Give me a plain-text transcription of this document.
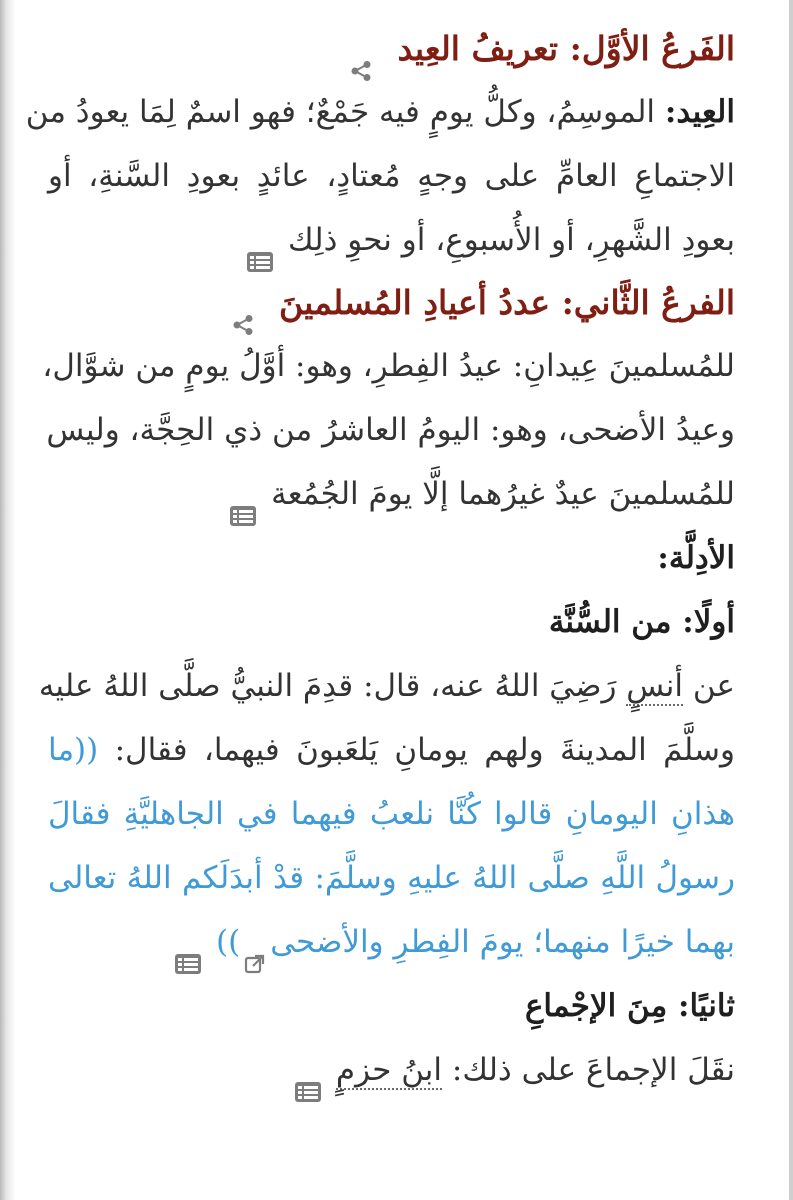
الفَرعُ الأوَّل: تعريفُ العِيد
العِيد: الموسِمُ، وكلُّ يومٍ فيه جَمْعٌ؛ فهو اسمٌ لِمَا يعودُ من
الاجتماعِ العامِّ على وجهٍ مُعتادٍ، عائدٍ بعودِ السَّنةِ، أو
بعودِ الشَّهرِ، أو الأُسبوعِ، أو نحوِ ذلِك
الفرعُ الثَّاني: عددُ أعيادِ المُسلمينَ
للمُسلمينَ عِيدانِ: عيدُ الفِطرِ، وهو: أوَّلُ يومٍ من شوَّال،
وعيدُ الأضحى، وهو: اليومُ العاشرُ من ذي الحِجَّة، وليس
للمُسلمينَ عيدٌ غيرُهما إلَّا يومَ الجُمُعة
الأدِلَّة:
أولًا: من السُّنَّة
عن أنسٍ رَضِيَ اللهُ عنه، قال: قدِمَ النبيُّ صلَّى اللهُ عليه
وسلَّمَ المدينةَ ولهم يومانِ يَلعَبونَ فيهما، فقال: ((ما
هذانِ اليومانِ قالوا كُنَّا نلعبُ فيهما في الجاهليَّةِ فقالَ
رسولُ اللَّهِ صلَّى اللهُ عليهِ وسلَّمَ: قدْ أبدَلَكم اللهُ تعالى
بهما خيرًا منهما؛ يومَ الفِطرِ والأضحى))
ثانيًا: مِنَ الإجْماعِ
نقَلَ الإجماعَ على ذلك: ابنُ حزمٍ
